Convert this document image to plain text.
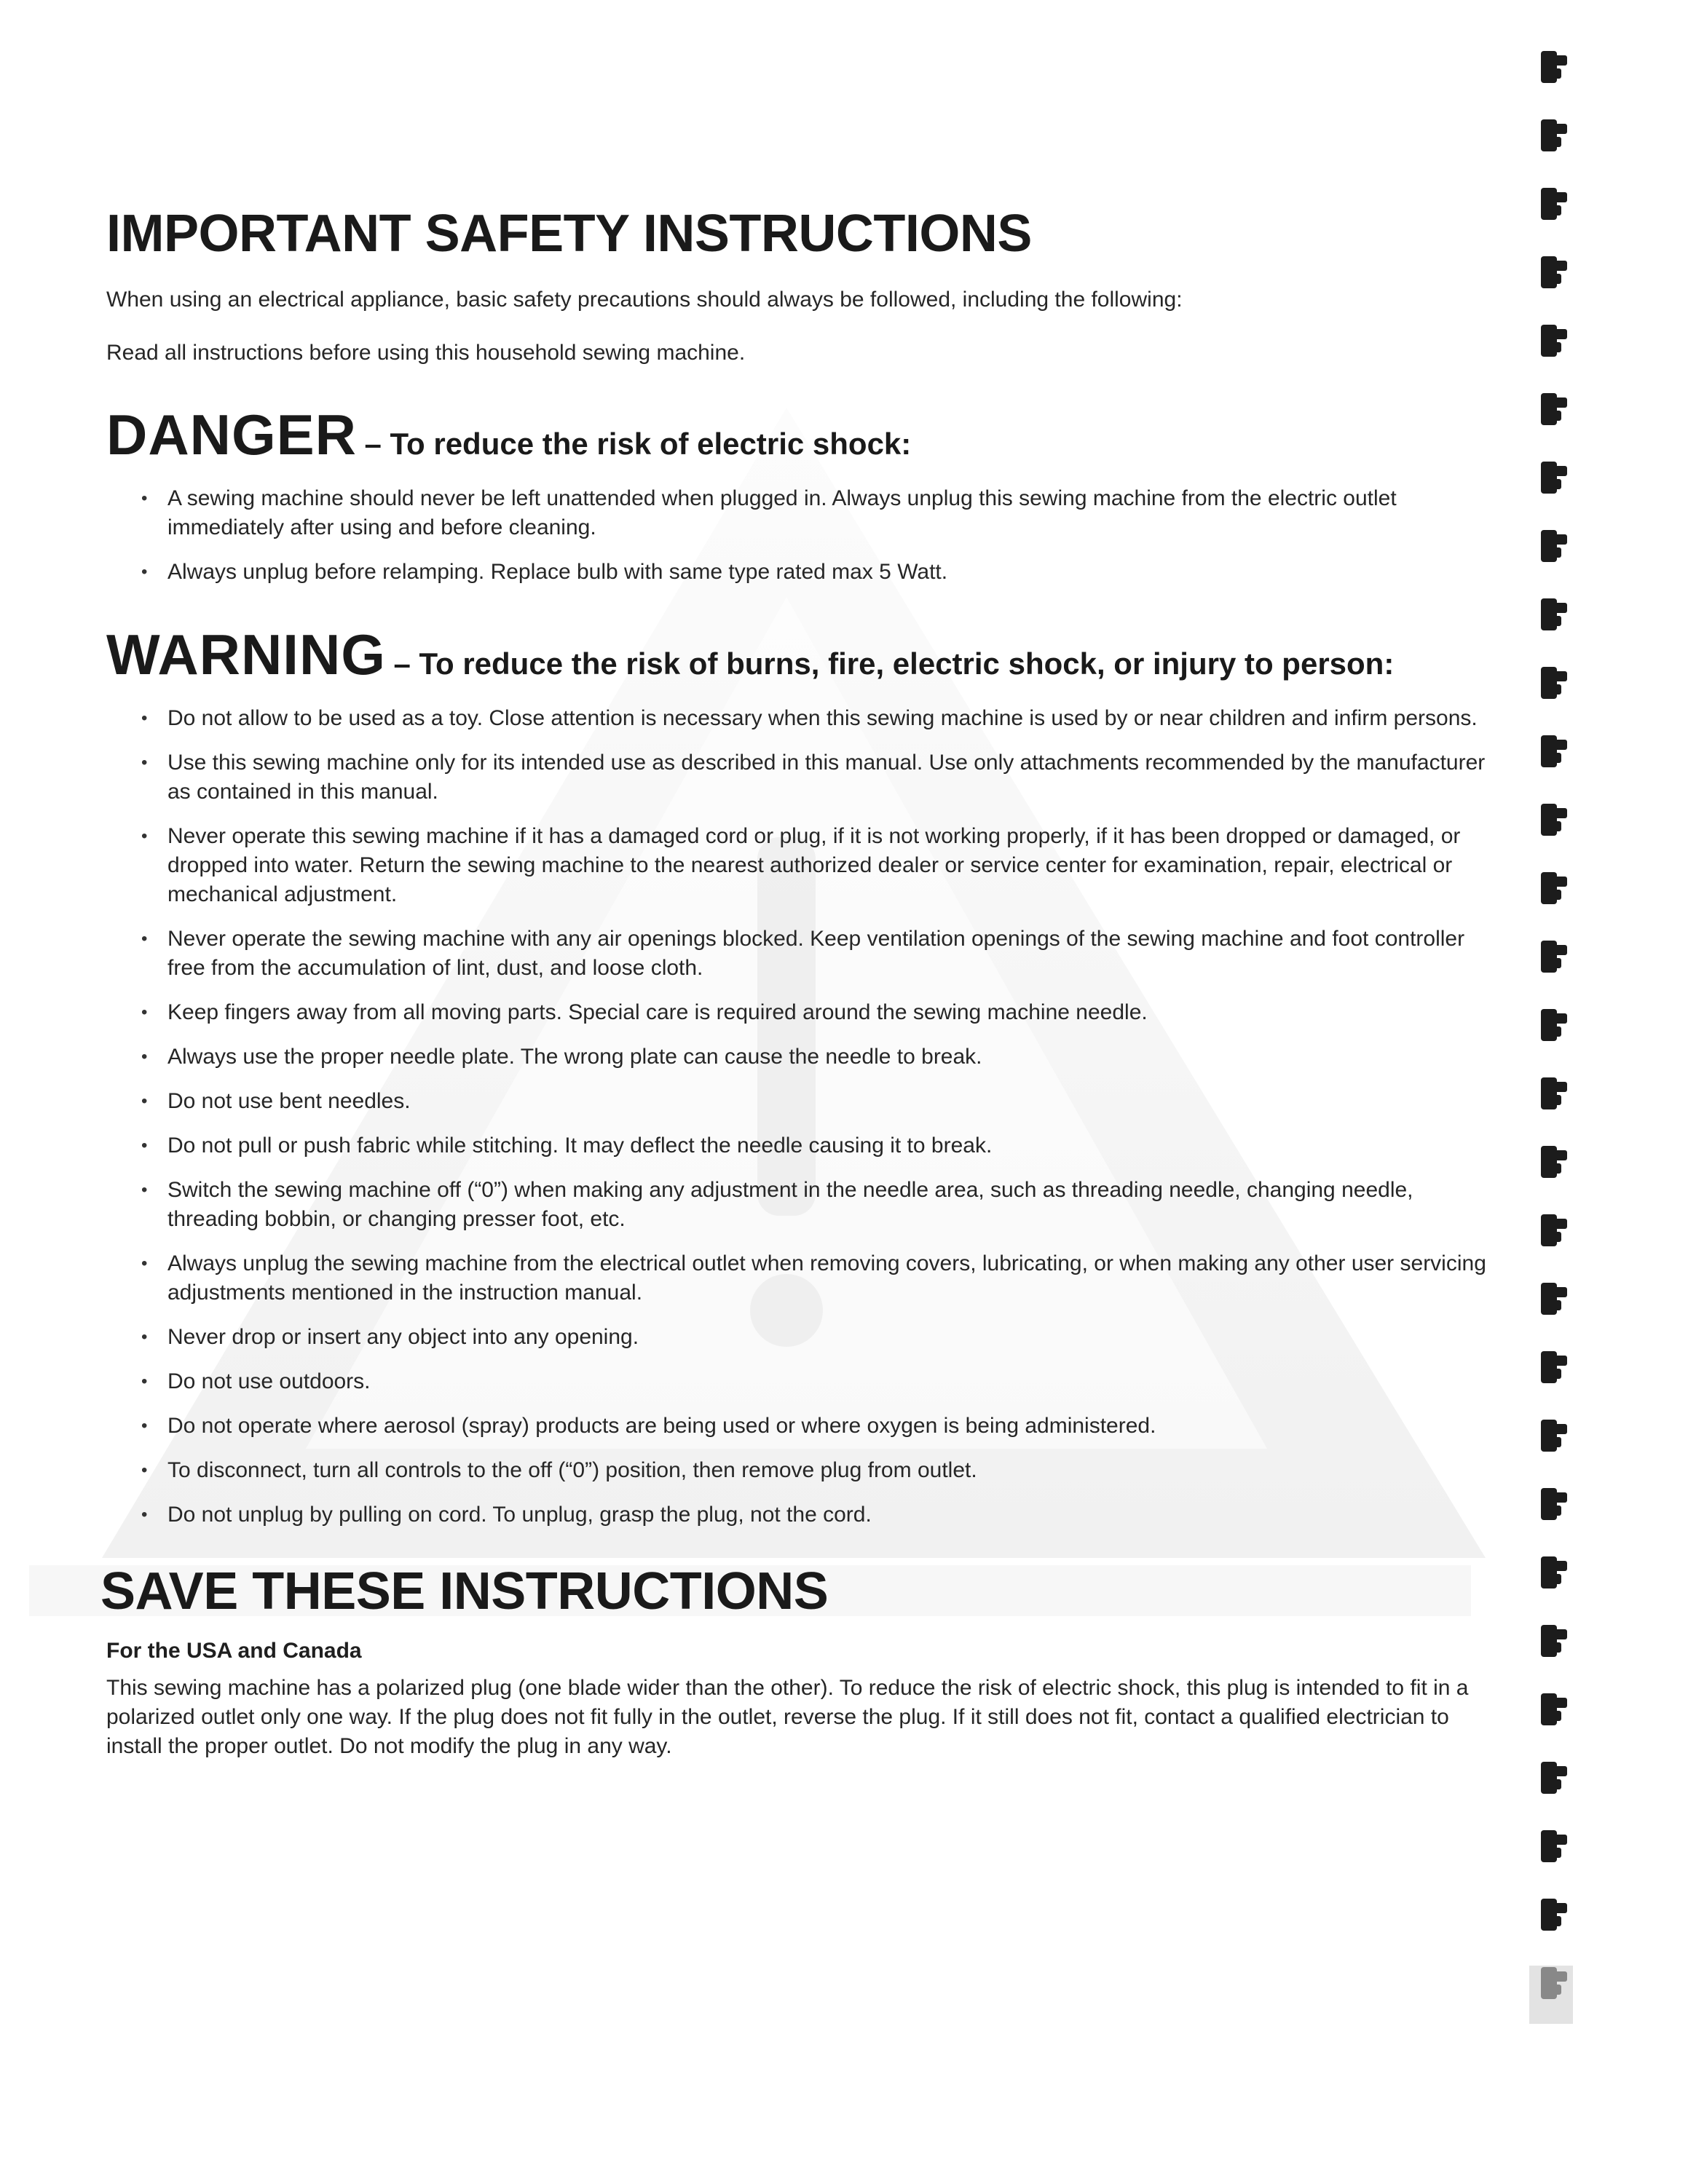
IMPORTANT SAFETY INSTRUCTIONS

When using an electrical appliance, basic safety precautions should always be followed, including the following:

Read all instructions before using this household sewing machine.

DANGER – To reduce the risk of electric shock:
• A sewing machine should never be left unattended when plugged in. Always unplug this sewing machine from the electric outlet immediately after using and before cleaning.
• Always unplug before relamping. Replace bulb with same type rated max 5 Watt.
WARNING – To reduce the risk of burns, fire, electric shock, or injury to person:
• Do not allow to be used as a toy. Close attention is necessary when this sewing machine is used by or near children and infirm persons.
• Use this sewing machine only for its intended use as described in this manual. Use only attachments recommended by the manufacturer as contained in this manual.
• Never operate this sewing machine if it has a damaged cord or plug, if it is not working properly, if it has been dropped or damaged, or dropped into water. Return the sewing machine to the nearest authorized dealer or service center for examination, repair, electrical or mechanical adjustment.
• Never operate the sewing machine with any air openings blocked. Keep ventilation openings of the sewing machine and foot controller free from the accumulation of lint, dust, and loose cloth.
• Keep fingers away from all moving parts. Special care is required around the sewing machine needle.
• Always use the proper needle plate. The wrong plate can cause the needle to break.
• Do not use bent needles.
• Do not pull or push fabric while stitching. It may deflect the needle causing it to break.
• Switch the sewing machine off (“0”) when making any adjustment in the needle area, such as threading needle, changing needle, threading bobbin, or changing presser foot, etc.
• Always unplug the sewing machine from the electrical outlet when removing covers, lubricating, or when making any other user servicing adjustments mentioned in the instruction manual.
• Never drop or insert any object into any opening.
• Do not use outdoors.
• Do not operate where aerosol (spray) products are being used or where oxygen is being administered.
• To disconnect, turn all controls to the off (“0”) position, then remove plug from outlet.
• Do not unplug by pulling on cord. To unplug, grasp the plug, not the cord.
SAVE THESE INSTRUCTIONS
For the USA and Canada

This sewing machine has a polarized plug (one blade wider than the other). To reduce the risk of electric shock, this plug is intended to fit in a polarized outlet only one way. If the plug does not fit fully in the outlet, reverse the plug. If it still does not fit, contact a qualified electrician to install the proper outlet. Do not modify the plug in any way.
